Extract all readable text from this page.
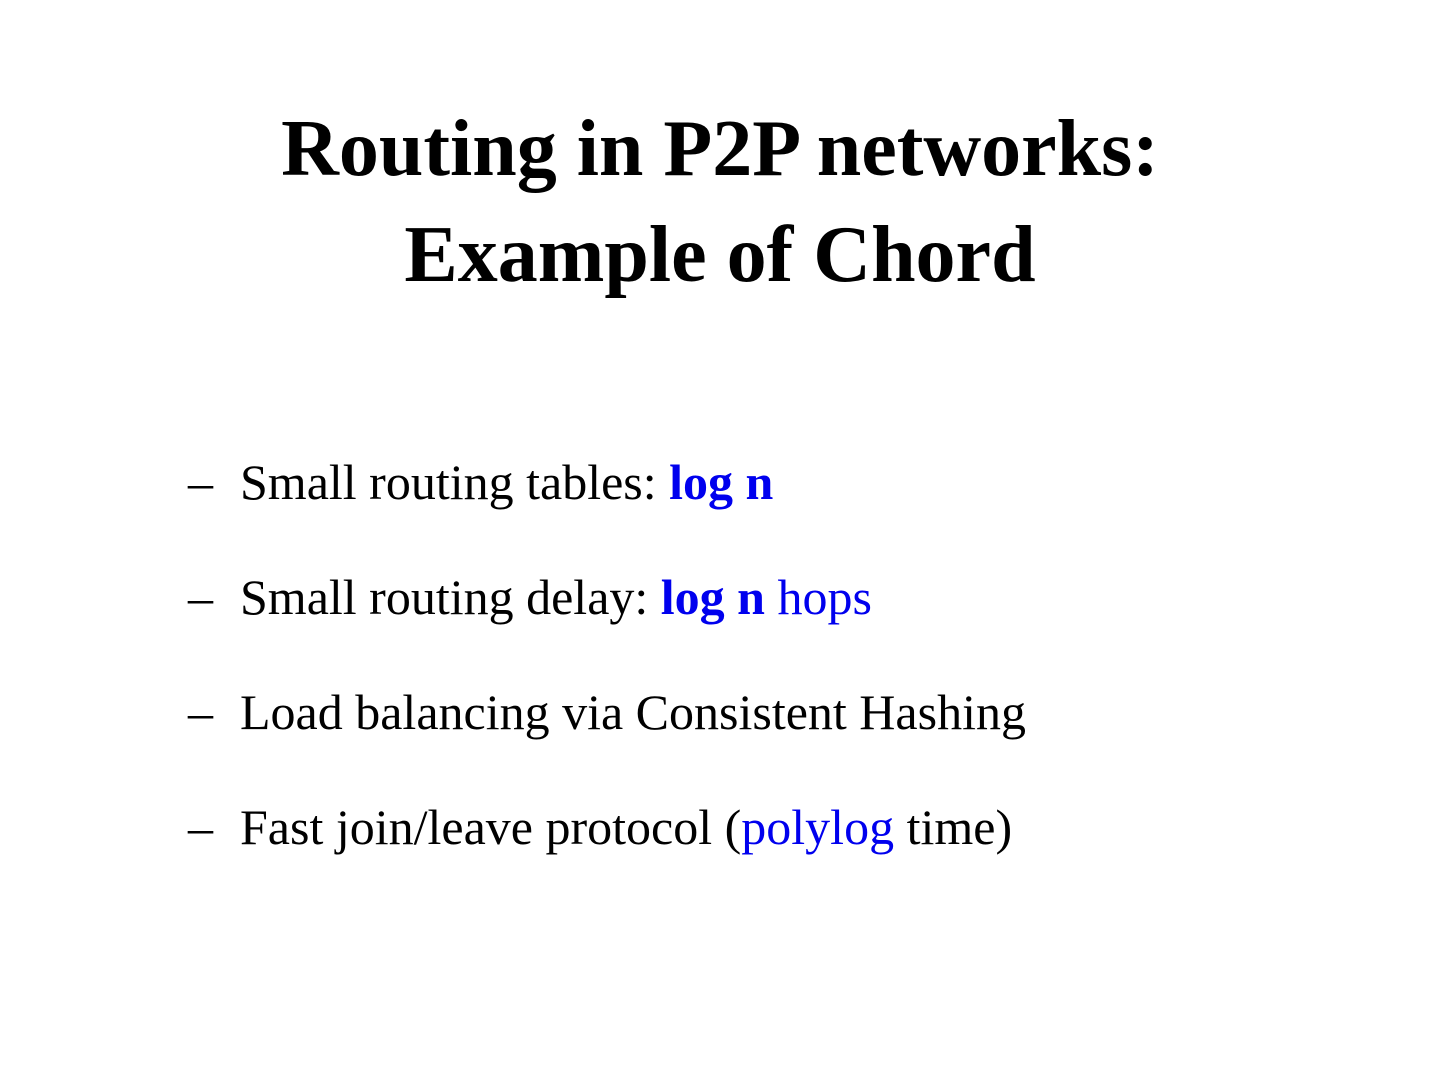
Routing in P2P networks:
Example of Chord
– Small routing tables: log n
– Small routing delay: log n hops
– Load balancing via Consistent Hashing
– Fast join/leave protocol (polylog time)
